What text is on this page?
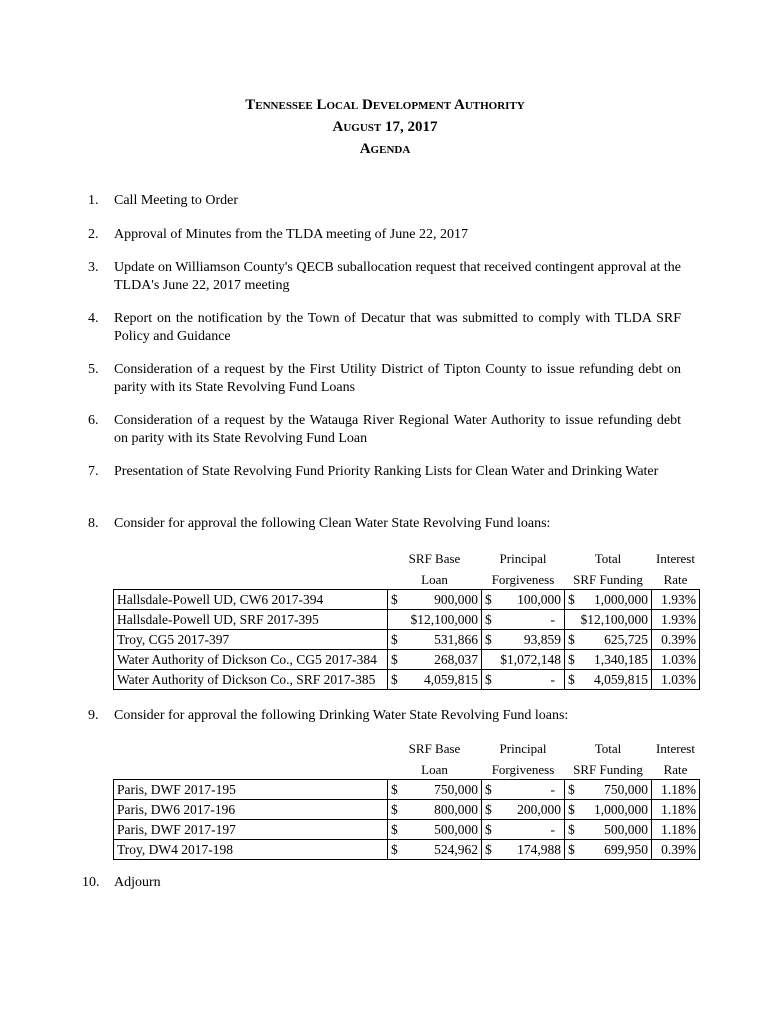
Tennessee Local Development Authority
August 17, 2017
Agenda
1. Call Meeting to Order
2. Approval of Minutes from the TLDA meeting of June 22, 2017
3. Update on Williamson County's QECB suballocation request that received contingent approval at the TLDA's June 22, 2017 meeting
4. Report on the notification by the Town of Decatur that was submitted to comply with TLDA SRF Policy and Guidance
5. Consideration of a request by the First Utility District of Tipton County to issue refunding debt on parity with its State Revolving Fund Loans
6. Consideration of a request by the Watauga River Regional Water Authority to issue refunding debt on parity with its State Revolving Fund Loan
7. Presentation of State Revolving Fund Priority Ranking Lists for Clean Water and Drinking Water
8. Consider for approval the following Clean Water State Revolving Fund loans:
	SRF Base	Principal	Total	Interest
	Loan	Forgiveness	SRF Funding	Rate
Hallsdale-Powell UD, CW6 2017-394	$ 900,000	$ 100,000	$ 1,000,000	1.93%
Hallsdale-Powell UD, SRF 2017-395	$12,100,000	$ -	$12,100,000	1.93%
Troy, CG5 2017-397	$ 531,866	$ 93,859	$ 625,725	0.39%
Water Authority of Dickson Co., CG5 2017-384	$ 268,037	$1,072,148	$ 1,340,185	1.03%
Water Authority of Dickson Co., SRF 2017-385	$ 4,059,815	$ -	$ 4,059,815	1.03%
9. Consider for approval the following Drinking Water State Revolving Fund loans:
	SRF Base	Principal	Total	Interest
	Loan	Forgiveness	SRF Funding	Rate
Paris, DWF 2017-195	$ 750,000	$ -	$ 750,000	1.18%
Paris, DW6 2017-196	$ 800,000	$ 200,000	$ 1,000,000	1.18%
Paris, DWF 2017-197	$ 500,000	$ -	$ 500,000	1.18%
Troy, DW4 2017-198	$ 524,962	$ 174,988	$ 699,950	0.39%
10. Adjourn
